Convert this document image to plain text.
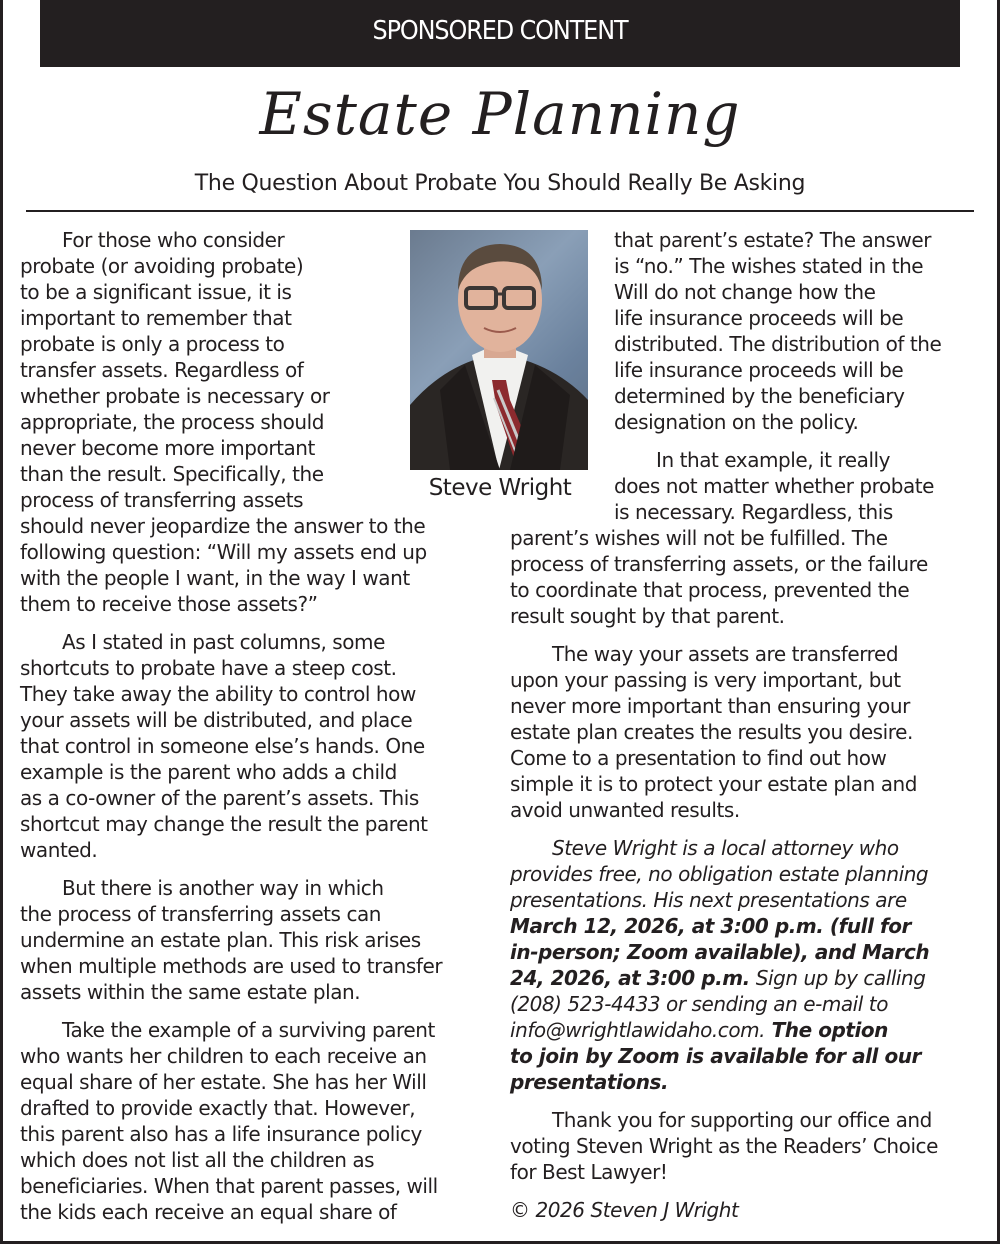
SPONSORED CONTENT
Estate Planning
The Question About Probate You Should Really Be Asking
Steve Wright
For those who consider
probate (or avoiding probate)
to be a significant issue, it is
important to remember that
probate is only a process to
transfer assets. Regardless of
whether probate is necessary or
appropriate, the process should
never become more important
than the result. Specifically, the
process of transferring assets
should never jeopardize the answer to the
following question: “Will my assets end up
with the people I want, in the way I want
them to receive those assets?”
As I stated in past columns, some
shortcuts to probate have a steep cost.
They take away the ability to control how
your assets will be distributed, and place
that control in someone else’s hands. One
example is the parent who adds a child
as a co-owner of the parent’s assets. This
shortcut may change the result the parent
wanted.
But there is another way in which
the process of transferring assets can
undermine an estate plan. This risk arises
when multiple methods are used to transfer
assets within the same estate plan.
Take the example of a surviving parent
who wants her children to each receive an
equal share of her estate. She has her Will
drafted to provide exactly that. However,
this parent also has a life insurance policy
which does not list all the children as
beneficiaries. When that parent passes, will
the kids each receive an equal share of
that parent’s estate? The answer
is “no.” The wishes stated in the
Will do not change how the
life insurance proceeds will be
distributed. The distribution of the
life insurance proceeds will be
determined by the beneficiary
designation on the policy.
In that example, it really
does not matter whether probate
is necessary. Regardless, this
parent’s wishes will not be fulfilled. The
process of transferring assets, or the failure
to coordinate that process, prevented the
result sought by that parent.
The way your assets are transferred
upon your passing is very important, but
never more important than ensuring your
estate plan creates the results you desire.
Come to a presentation to find out how
simple it is to protect your estate plan and
avoid unwanted results.
Steve Wright is a local attorney who
provides free, no obligation estate planning
presentations. His next presentations are
March 12, 2026, at 3:00 p.m. (full for
in-person; Zoom available), and March
24, 2026, at 3:00 p.m. Sign up by calling
(208) 523-4433 or sending an e-mail to
info@wrightlawidaho.com. The option
to join by Zoom is available for all our
presentations.
Thank you for supporting our office and
voting Steven Wright as the Readers’ Choice
for Best Lawyer!
© 2026 Steven J Wright
